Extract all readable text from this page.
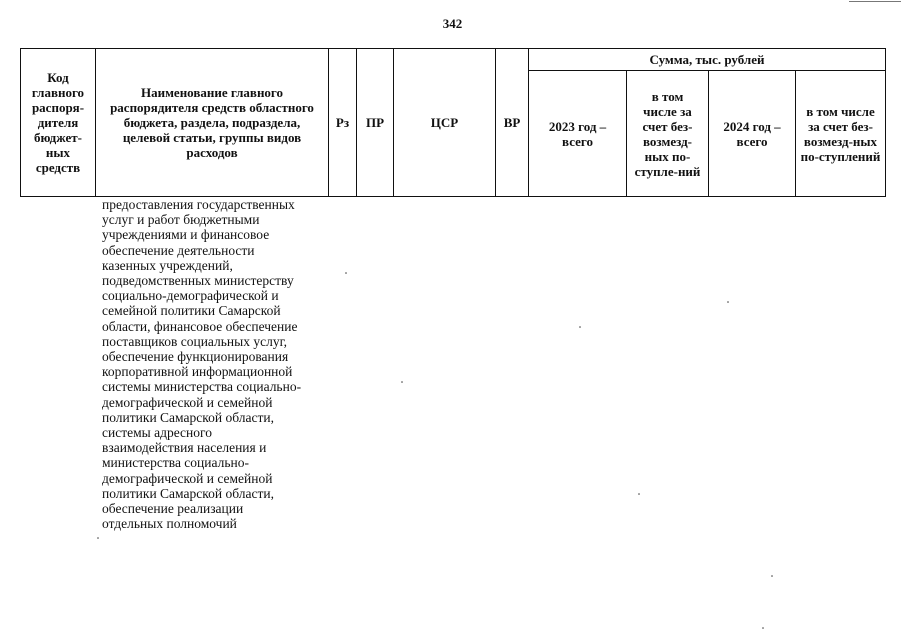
342
Код главного распоря-дителя бюджет-ных средств	Наименование главного распорядителя средств областного бюджета, раздела, подраздела, целевой статьи, группы видов расходов	Рз	ПР	ЦСР	ВР	Сумма, тыс. рублей			
						2023 год – всего	в том числе за счет без-возмезд-ных по-ступле-ний	2024 год – всего	в том числе за счет без-возмезд-ных по-ступлений
предоставления государственных
услуг и работ бюджетными
учреждениями и финансовое
обеспечение деятельности
казенных учреждений,
подведомственных министерству
социально-демографической и
семейной политики Самарской
области, финансовое обеспечение
поставщиков социальных услуг,
обеспечение функционирования
корпоративной информационной
системы министерства социально-
демографической и семейной
политики Самарской области,
системы адресного
взаимодействия населения и
министерства социально-
демографической и семейной
политики Самарской области,
обеспечение реализации
отдельных полномочий
